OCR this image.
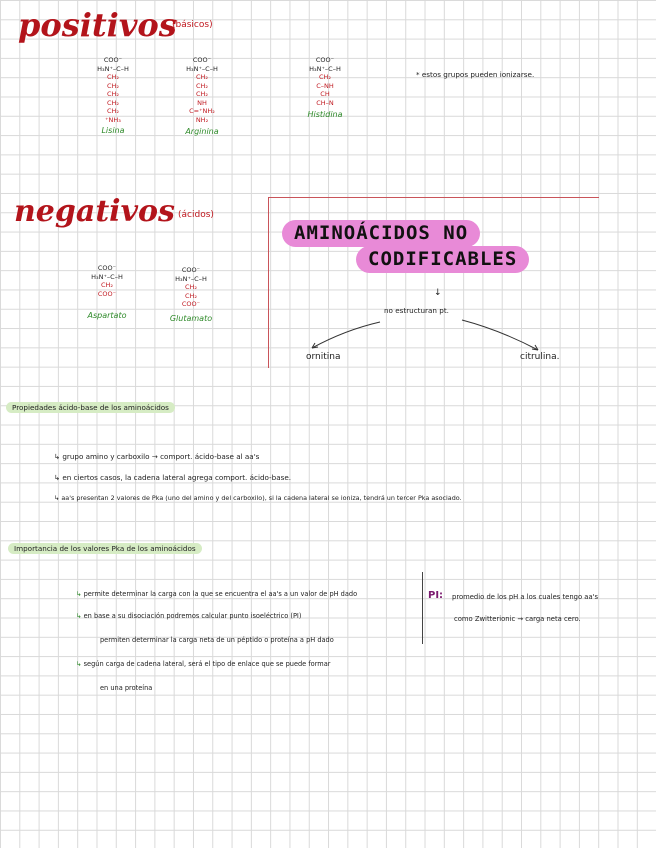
positivos
(básicos)
COO⁻
H₃N⁺–C–H
CH₂
CH₂
CH₂
CH₂
CH₂
⁺NH₃
Lisina
COO⁻
H₃N⁺–C–H
CH₂
CH₂
CH₂
NH
C=⁺NH₂
NH₂
Arginina
COO⁻
H₃N⁺–C–H
CH₂
C–NH
CH
CH–N
Histidina
* estos grupos pueden ionizarse.
negativos (ácidos)
COO⁻
H₃N⁺–C–H
CH₂
COO⁻
Aspartato
COO⁻
H₃N⁺–C–H
CH₂
CH₂
COO⁻
Glutamato
AMINOÁCIDOS NO
CODIFICABLES
↓
no estructuran pt.
ornitina	citrulina.
Propiedades ácido-base de los aminoácidos
↳ grupo amino y carboxilo → comport. ácido-base al aa's
↳ en ciertos casos, la cadena lateral agrega comport. ácido-base.
↳ aa's presentan 2 valores de Pka (uno del amino y del carboxilo), si la cadena lateral se ioniza, tendrá un tercer Pka asociado.
Importancia de los valores Pka de los aminoácidos
↳ permite determinar la carga con la que se encuentra el aa's a un valor de pH dado
↳ en base a su disociación podremos calcular punto isoeléctrico (PI)
permiten determinar la carga neta de un péptido o proteína a pH dado
↳ según carga de cadena lateral, será el tipo de enlace que se puede formar
en una proteína
PI: promedio de los pH a los cuales tengo aa's
como Zwitterionic → carga neta cero.
